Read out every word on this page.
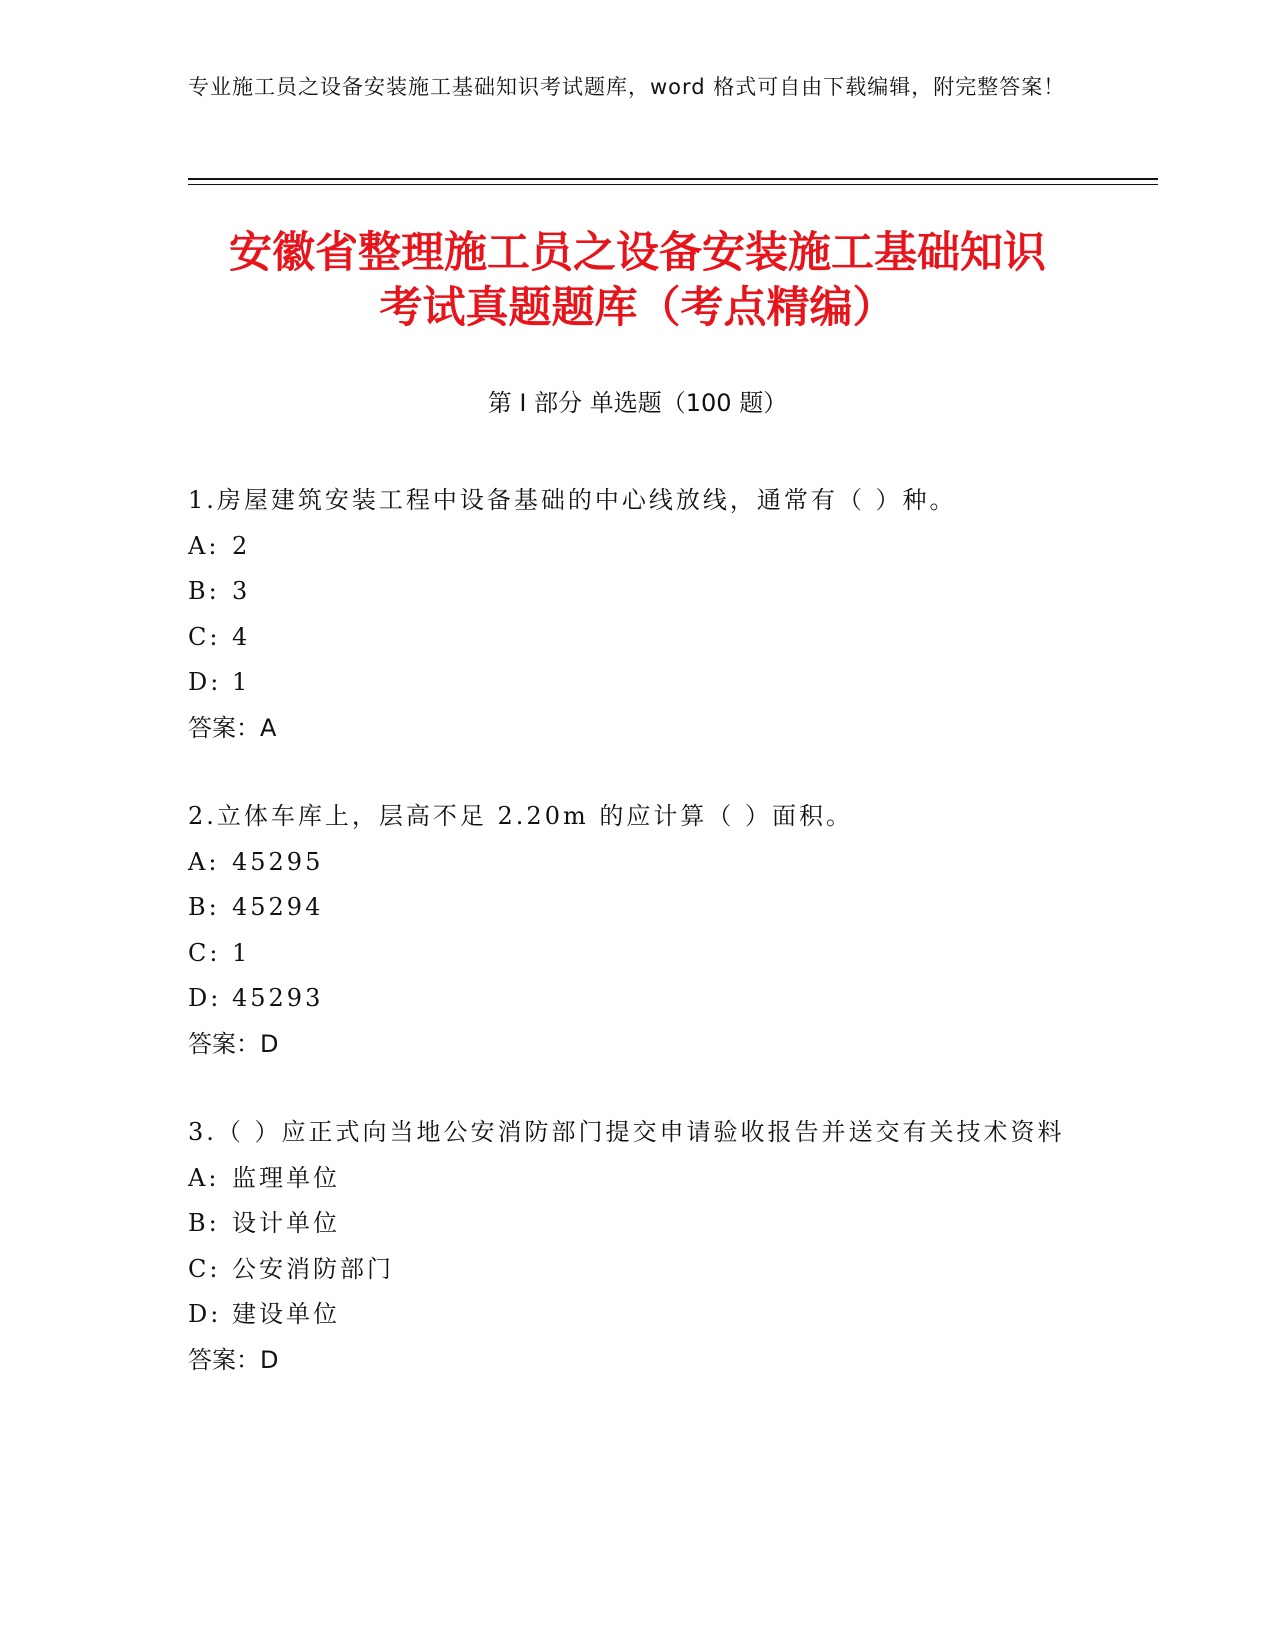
专业施工员之设备安装施工基础知识考试题库，word 格式可自由下载编辑，附完整答案！
安徽省整理施工员之设备安装施工基础知识
考试真题题库（考点精编）
第 I 部分 单选题（100 题）
1.房屋建筑安装工程中设备基础的中心线放线，通常有（ ）种。
A: 2
B: 3
C: 4
D: 1
答案：A
2.立体车库上，层高不足 2.20m 的应计算（ ）面积。
A: 45295
B: 45294
C: 1
D: 45293
答案：D
3.（ ）应正式向当地公安消防部门提交申请验收报告并送交有关技术资料
A: 监理单位
B: 设计单位
C: 公安消防部门
D: 建设单位
答案：D
